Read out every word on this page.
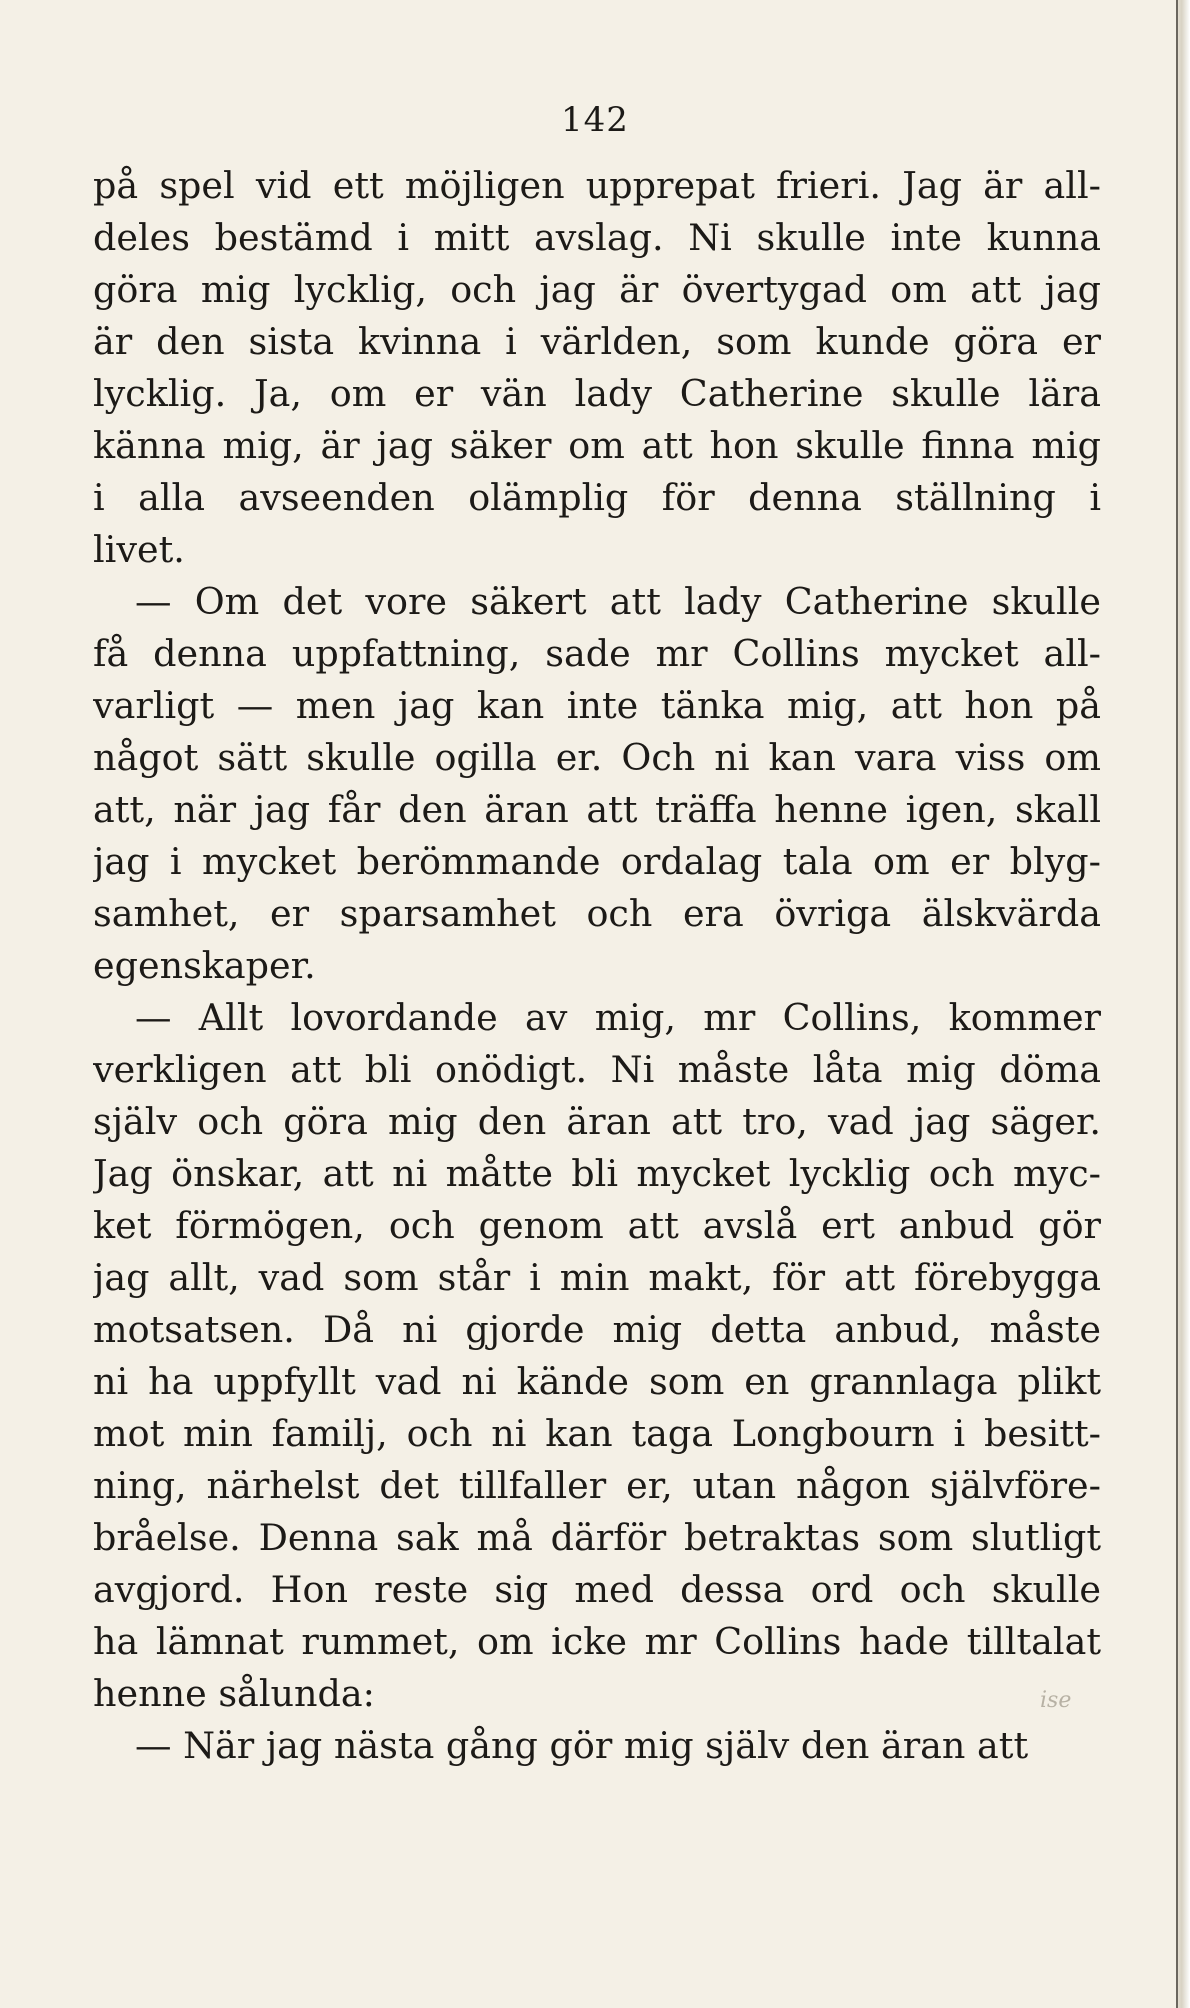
142
på spel vid ett möjligen upprepat frieri. Jag är all-
deles bestämd i mitt avslag. Ni skulle inte kunna
göra mig lycklig, och jag är övertygad om att jag
är den sista kvinna i världen, som kunde göra er
lycklig. Ja, om er vän lady Catherine skulle lära
känna mig, är jag säker om att hon skulle finna mig
i alla avseenden olämplig för denna ställning i
livet.
— Om det vore säkert att lady Catherine skulle
få denna uppfattning, sade mr Collins mycket all-
varligt — men jag kan inte tänka mig, att hon på
något sätt skulle ogilla er. Och ni kan vara viss om
att, när jag får den äran att träffa henne igen, skall
jag i mycket berömmande ordalag tala om er blyg-
samhet, er sparsamhet och era övriga älskvärda
egenskaper.
— Allt lovordande av mig, mr Collins, kommer
verkligen att bli onödigt. Ni måste låta mig döma
själv och göra mig den äran att tro, vad jag säger.
Jag önskar, att ni måtte bli mycket lycklig och myc-
ket förmögen, och genom att avslå ert anbud gör
jag allt, vad som står i min makt, för att förebygga
motsatsen. Då ni gjorde mig detta anbud, måste
ni ha uppfyllt vad ni kände som en grannlaga plikt
mot min familj, och ni kan taga Longbourn i besitt-
ning, närhelst det tillfaller er, utan någon självföre-
bråelse. Denna sak må därför betraktas som slutligt
avgjord. Hon reste sig med dessa ord och skulle
ha lämnat rummet, om icke mr Collins hade tilltalat
henne sålunda:
— När jag nästa gång gör mig själv den äran att
ise
